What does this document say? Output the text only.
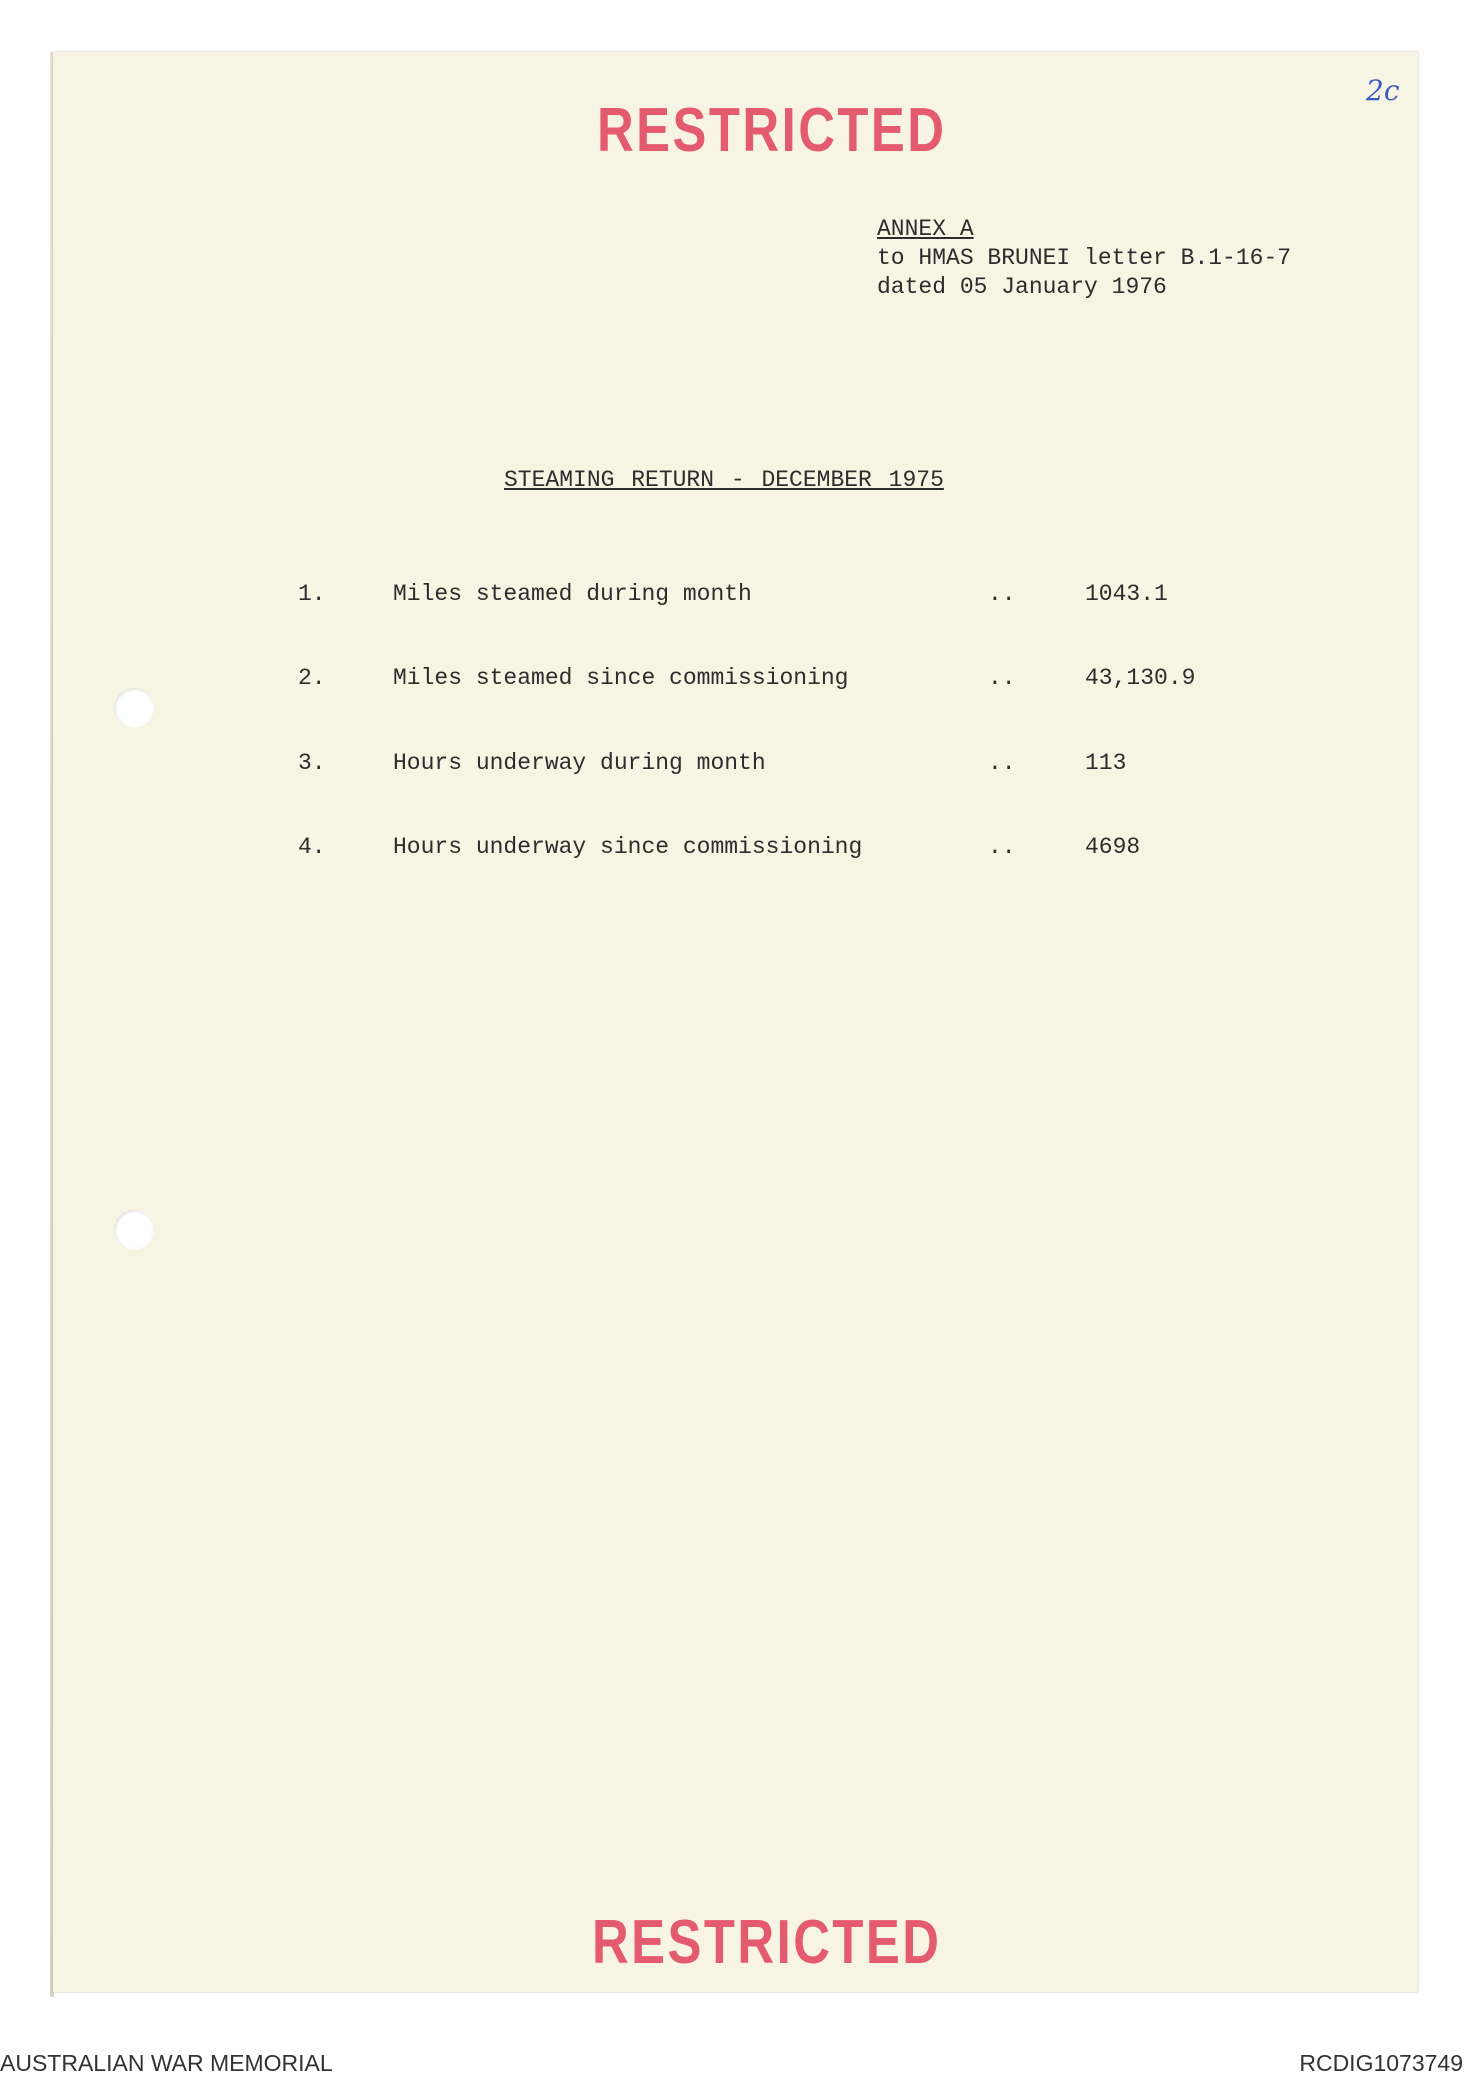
RESTRICTED
2c
ANNEX A
to HMAS BRUNEI letter B.1-16-7
dated 05 January 1976
STEAMING RETURN - DECEMBER 1975
1.	Miles steamed during month	..	1043.1
2.	Miles steamed since commissioning	..	43,130.9
3.	Hours underway during month	..	113
4.	Hours underway since commissioning	..	4698
RESTRICTED
AUSTRALIAN WAR MEMORIAL	RCDIG1073749
